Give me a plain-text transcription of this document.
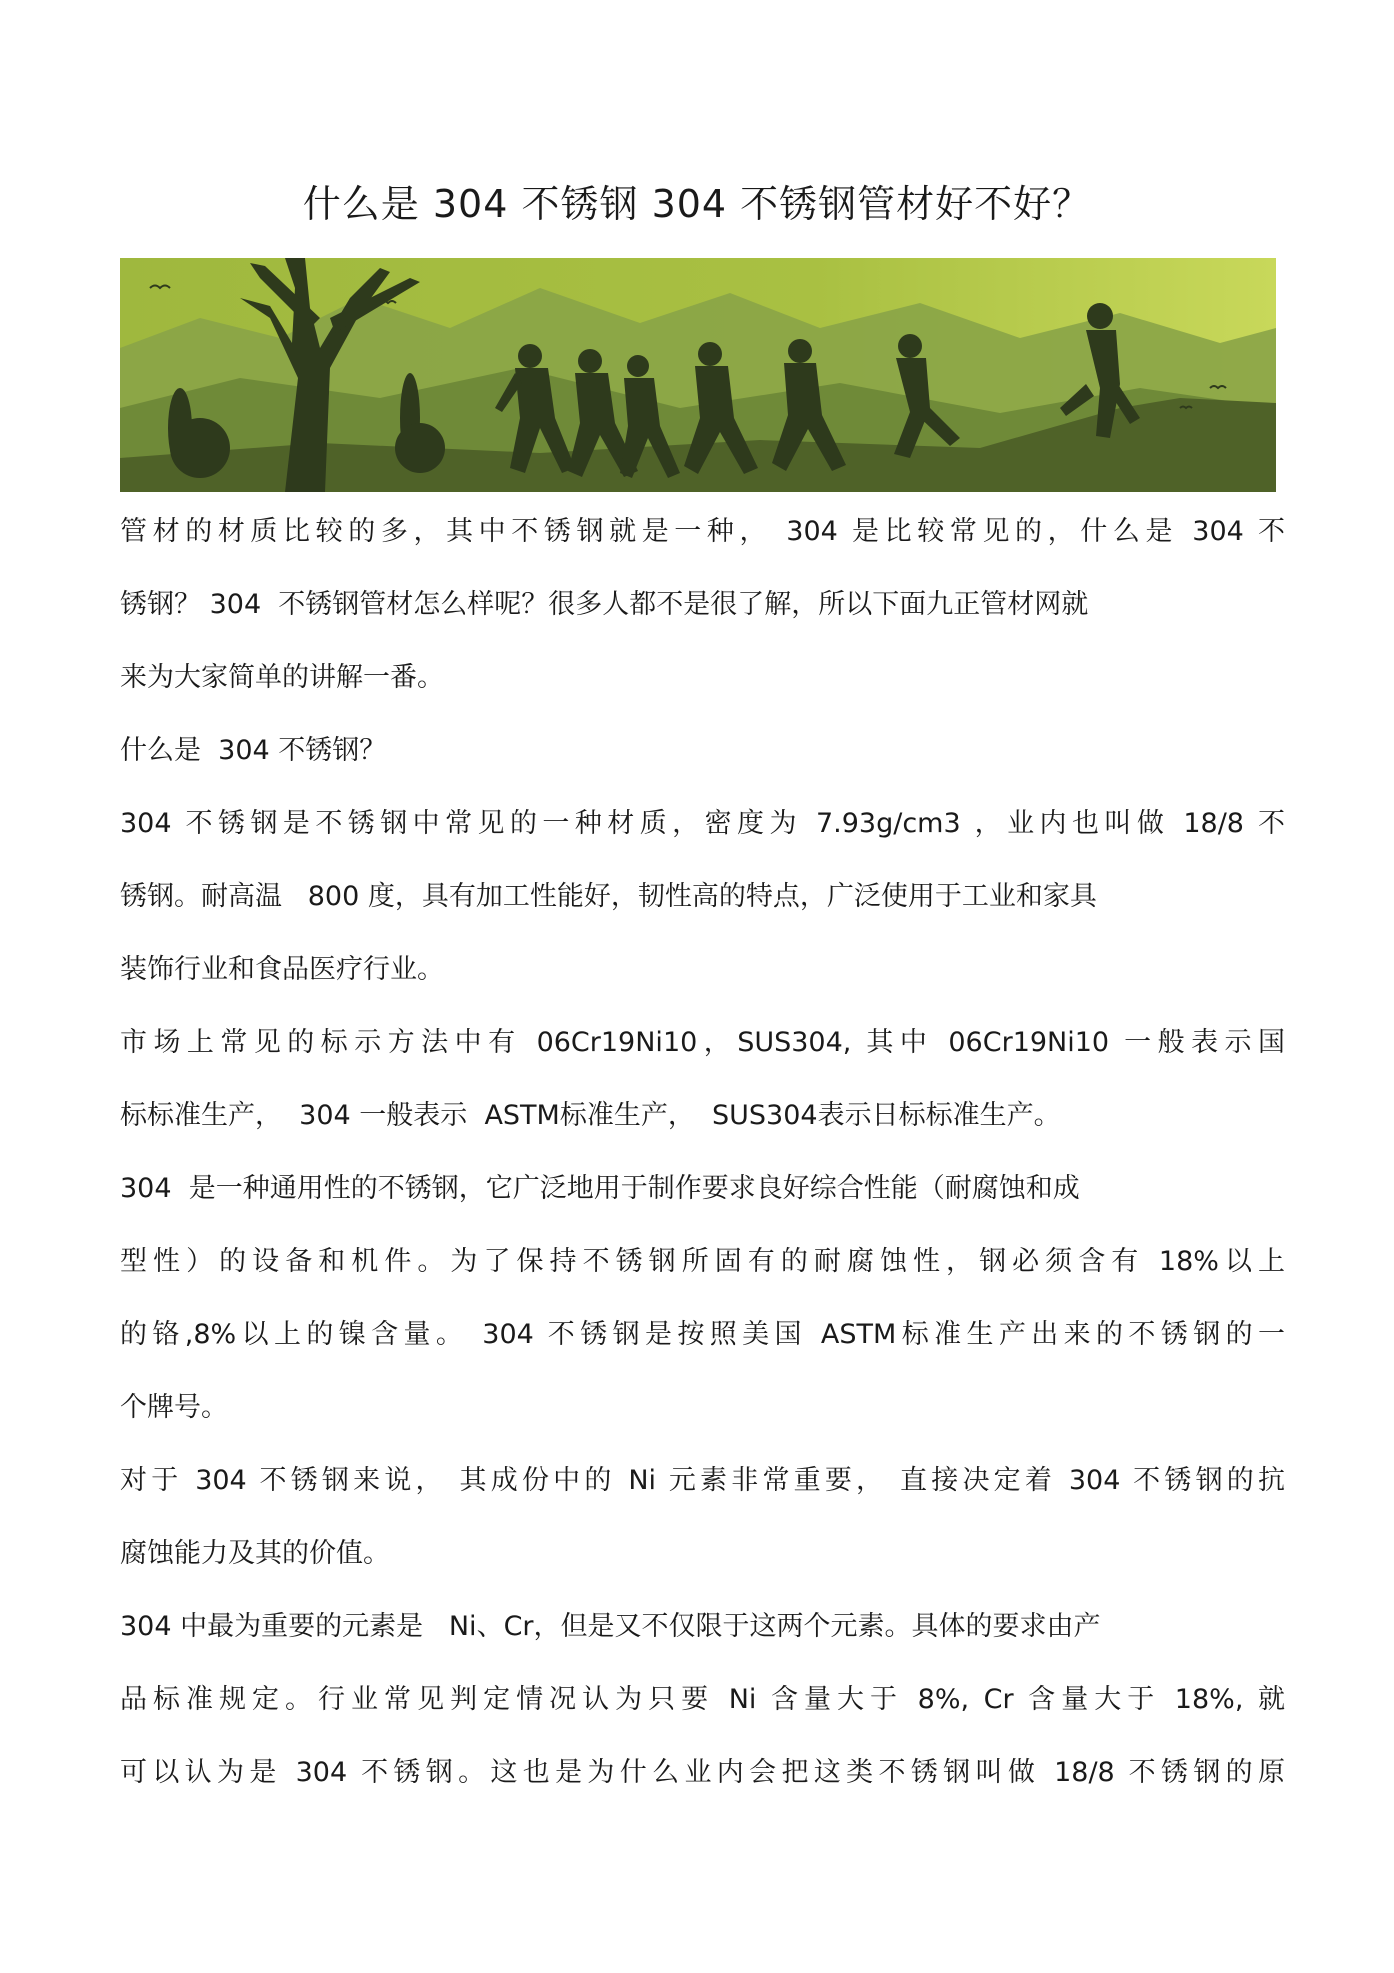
什么是 304 不锈钢 304 不锈钢管材好不好？
管材的材质比较的多，其中不锈钢就是一种， 304 是比较常见的，什么是 304 不
锈钢？ 304  不锈钢管材怎么样呢？很多人都不是很了解，所以下面九正管材网就
来为大家简单的讲解一番。
什么是  304 不锈钢？
304 不锈钢是不锈钢中常见的一种材质，密度为 7.93g/cm3 ，业内也叫做 18/8 不
锈钢。耐高温   800 度，具有加工性能好，韧性高的特点，广泛使用于工业和家具
装饰行业和食品医疗行业。
市场上常见的标示方法中有 06Cr19Ni10，SUS304, 其中 06Cr19Ni10 一般表示国
标标准生产，  304 一般表示  ASTM标准生产，  SUS304表示日标标准生产。
304  是一种通用性的不锈钢，它广泛地用于制作要求良好综合性能（耐腐蚀和成
型性）的设备和机件。为了保持不锈钢所固有的耐腐蚀性，钢必须含有 18%以上
的铬,8%以上的镍含量。 304 不锈钢是按照美国 ASTM标准生产出来的不锈钢的一
个牌号。
对于 304 不锈钢来说， 其成份中的 Ni 元素非常重要， 直接决定着 304 不锈钢的抗
腐蚀能力及其的价值。
304 中最为重要的元素是   Ni、Cr，但是又不仅限于这两个元素。具体的要求由产
品标准规定。行业常见判定情况认为只要 Ni 含量大于 8%, Cr 含量大于 18%, 就
可以认为是 304 不锈钢。这也是为什么业内会把这类不锈钢叫做 18/8 不锈钢的原
